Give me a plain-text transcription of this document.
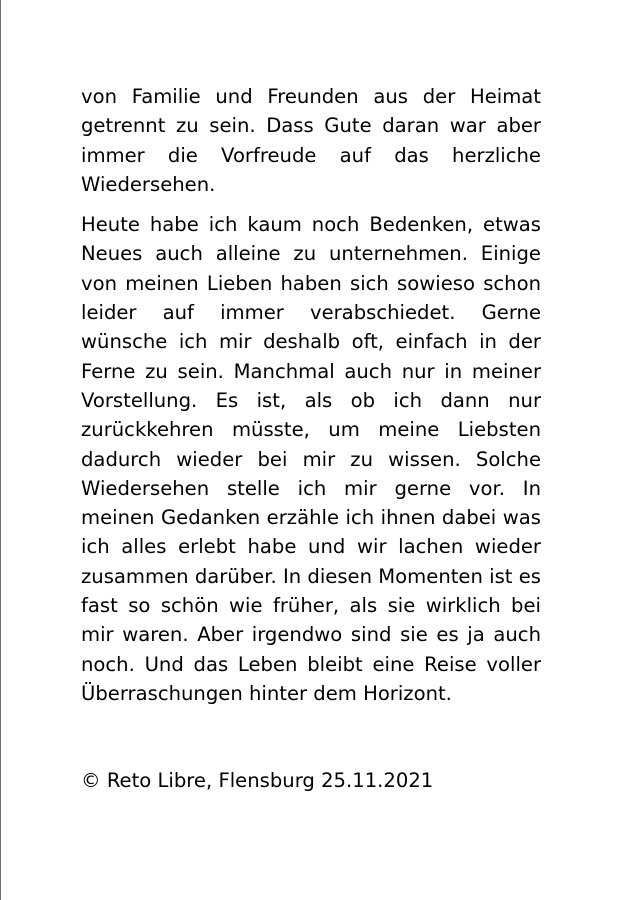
von Familie und Freunden aus der Heimat getrennt zu sein. Dass Gute daran war aber immer die Vorfreude auf das herzliche Wiedersehen.

Heute habe ich kaum noch Bedenken, etwas Neues auch alleine zu unternehmen. Einige von meinen Lieben haben sich sowieso schon leider auf immer verabschiedet. Gerne wünsche ich mir deshalb oft, einfach in der Ferne zu sein. Manchmal auch nur in meiner Vorstellung. Es ist, als ob ich dann nur zurückkehren müsste, um meine Liebsten dadurch wieder bei mir zu wissen. Solche Wiedersehen stelle ich mir gerne vor. In meinen Gedanken erzähle ich ihnen dabei was ich alles erlebt habe und wir lachen wieder zusammen darüber. In diesen Momenten ist es fast so schön wie früher, als sie wirklich bei mir waren. Aber irgendwo sind sie es ja auch noch. Und das Leben bleibt eine Reise voller Überraschungen hinter dem Horizont.

© Reto Libre, Flensburg 25.11.2021
